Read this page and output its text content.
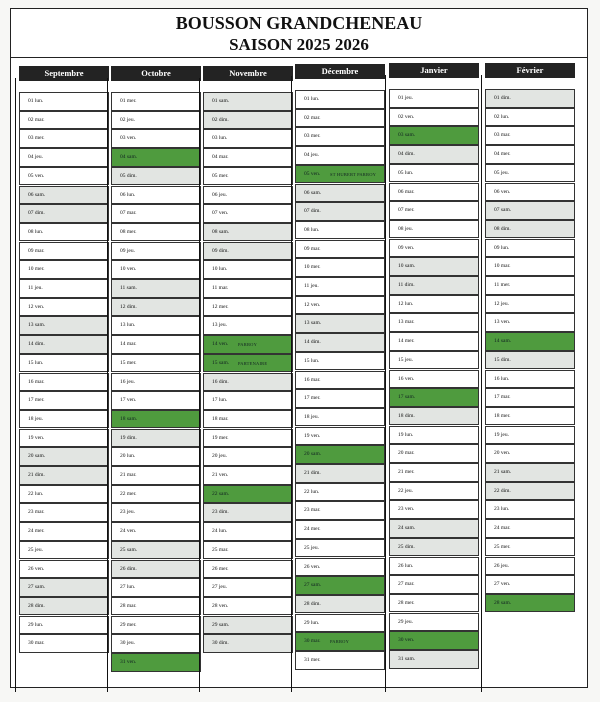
BOUSSON GRANDCHENEAU
SAISON 2025 2026
Septembre
01 lun.
02 mar.
03 mer.
04 jeu.
05 ven.
06 sam.
07 dim.
08 lun.
09 mar.
10 mer.
11 jeu.
12 ven.
13 sam.
14 dim.
15 lun.
16 mar.
17 mer.
18 jeu.
19 ven.
20 sam.
21 dim.
22 lun.
23 mar.
24 mer.
25 jeu.
26 ven.
27 sam.
28 dim.
29 lun.
30 mar.
Octobre
01 mer.
02 jeu.
03 ven.
04 sam.
05 dim.
06 lun.
07 mar.
08 mer.
09 jeu.
10 ven.
11 sam.
12 dim.
13 lun.
14 mar.
15 mer.
16 jeu.
17 ven.
18 sam.
19 dim.
20 lun.
21 mar.
22 mer.
23 jeu.
24 ven.
25 sam.
26 dim.
27 lun.
28 mar.
29 mer.
30 jeu.
31 ven.
Novembre
01 sam.
02 dim.
03 lun.
04 mar.
05 mer.
06 jeu.
07 ven.
08 sam.
09 dim.
10 lun.
11 mar.
12 mer.
13 jeu.
14 ven. PARROY
15 sam. PARTENAIRE
16 dim.
17 lun.
18 mar.
19 mer.
20 jeu.
21 ven.
22 sam.
23 dim.
24 lun.
25 mar.
26 mer.
27 jeu.
28 ven.
29 sam.
30 dim.
Décembre
01 lun.
02 mar.
03 mer.
04 jeu.
05 ven. ST HUBERT PARROY
06 sam.
07 dim.
08 lun.
09 mar.
10 mer.
11 jeu.
12 ven.
13 sam.
14 dim.
15 lun.
16 mar.
17 mer.
18 jeu.
19 ven.
20 sam.
21 dim.
22 lun.
23 mar.
24 mer.
25 jeu.
26 ven.
27 sam.
28 dim.
29 lun.
30 mar. PARROY
31 mer.
Janvier
01 jeu.
02 ven.
03 sam.
04 dim.
05 lun.
06 mar.
07 mer.
08 jeu.
09 ven.
10 sam.
11 dim.
12 lun.
13 mar.
14 mer.
15 jeu.
16 ven.
17 sam.
18 dim.
19 lun.
20 mar.
21 mer.
22 jeu.
23 ven.
24 sam.
25 dim.
26 lun.
27 mar.
28 mer.
29 jeu.
30 ven.
31 sam.
Février
01 dim.
02 lun.
03 mar.
04 mer.
05 jeu.
06 ven.
07 sam.
08 dim.
09 lun.
10 mar.
11 mer.
12 jeu.
13 ven.
14 sam.
15 dim.
16 lun.
17 mar.
18 mer.
19 jeu.
20 ven.
21 sam.
22 dim.
23 lun.
24 mar.
25 mer.
26 jeu.
27 ven.
28 sam.
